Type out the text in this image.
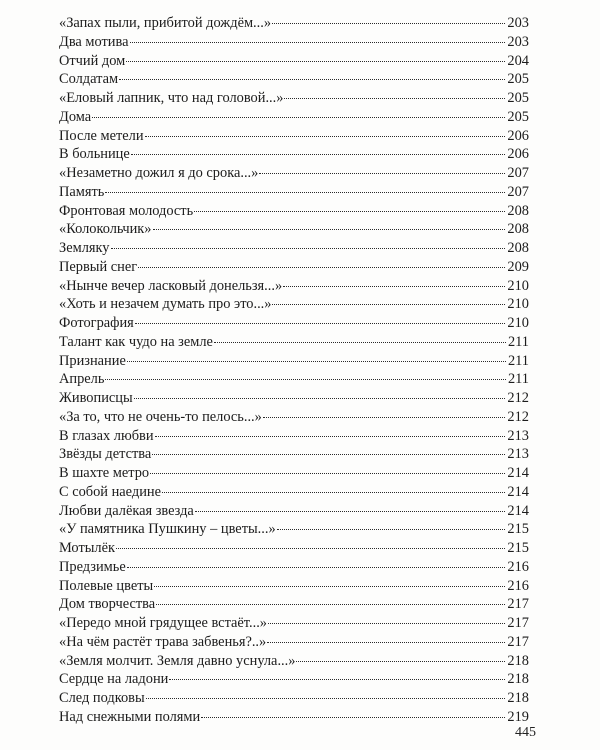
«Запах пыли, прибитой дождём...»	203
Два мотива	203
Отчий дом	204
Солдатам	205
«Еловый лапник, что над головой...»	205
Дома	205
После метели	206
В больнице	206
«Незаметно дожил я до срока...»	207
Память	207
Фронтовая молодость	208
«Колокольчик»	208
Земляку	208
Первый снег	209
«Нынче вечер ласковый донельзя...»	210
«Хоть и незачем думать про это...»	210
Фотография	210
Талант как чудо на земле	211
Признание	211
Апрель	211
Живописцы	212
«За то, что не очень-то пелось...»	212
В глазах любви	213
Звёзды детства	213
В шахте метро	214
С собой наедине	214
Любви далёкая звезда	214
«У памятника Пушкину – цветы...»	215
Мотылёк	215
Предзимье	216
Полевые цветы	216
Дом творчества	217
«Передо мной грядущее встаёт...»	217
«На чём растёт трава забвенья?..»	217
«Земля молчит. Земля давно уснула...»	218
Сердце на ладони	218
След подковы	218
Над снежными полями	219
445
